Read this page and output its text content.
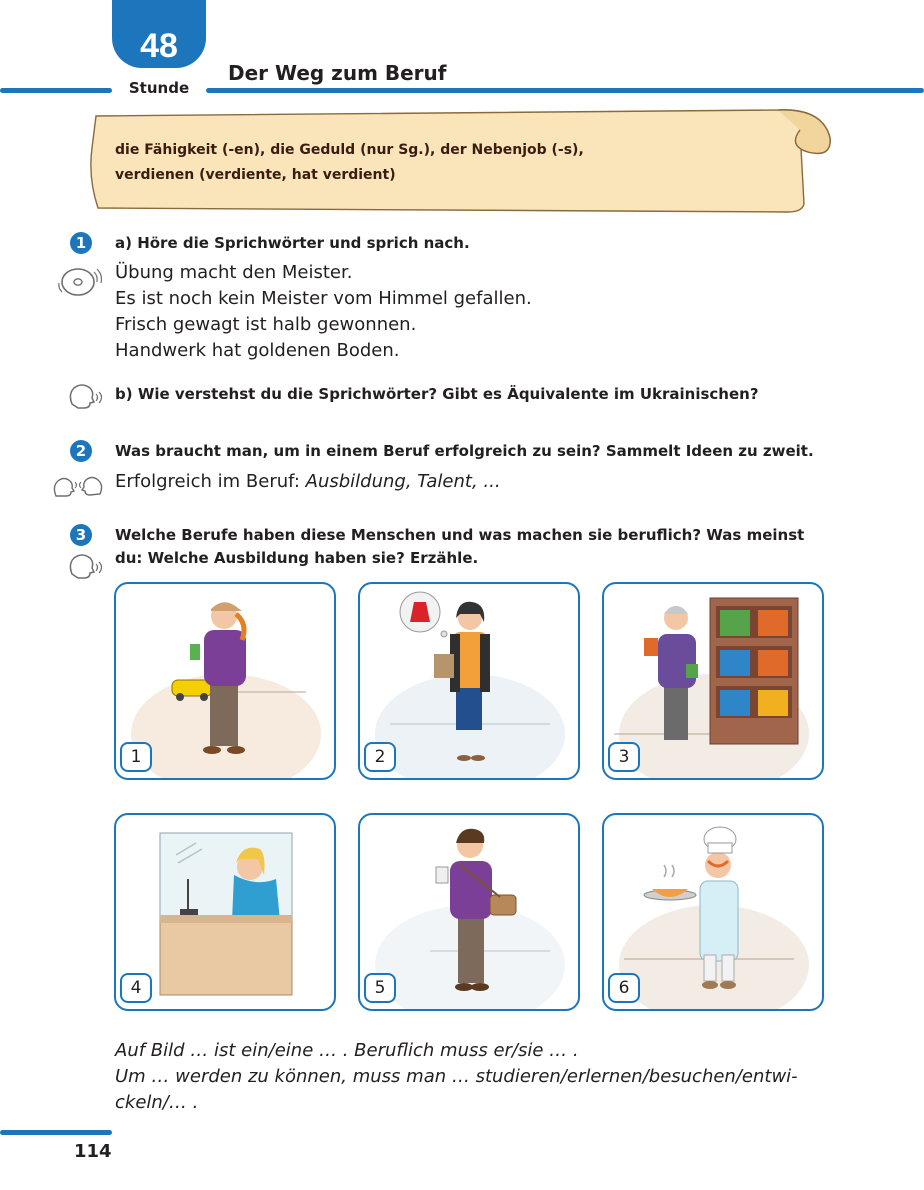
48
Stunde
Der Weg zum Beruf
die Fähigkeit (-en), die Geduld (nur Sg.), der Nebenjob (-s),
verdienen (verdiente, hat verdient)
1	a) Höre die Sprichwörter und sprich nach.
Übung macht den Meister.
Es ist noch kein Meister vom Himmel gefallen.
Frisch gewagt ist halb gewonnen.
Handwerk hat goldenen Boden.
b) Wie verstehst du die Sprichwörter? Gibt es Äquivalente im Ukrainischen?
2	Was braucht man, um in einem Beruf erfolgreich zu sein? Sammelt Ideen zu zweit.
Erfolgreich im Beruf: Ausbildung, Talent, ...
3	Welche Berufe haben diese Menschen und was machen sie beruflich? Was meinst
du: Welche Ausbildung haben sie? Erzähle.
1	2	3
4	5	6
Auf Bild … ist ein/eine … . Beruflich muss er/sie … .
Um … werden zu können, muss man … studieren/erlernen/besuchen/entwi-
ckeln/… .
114
